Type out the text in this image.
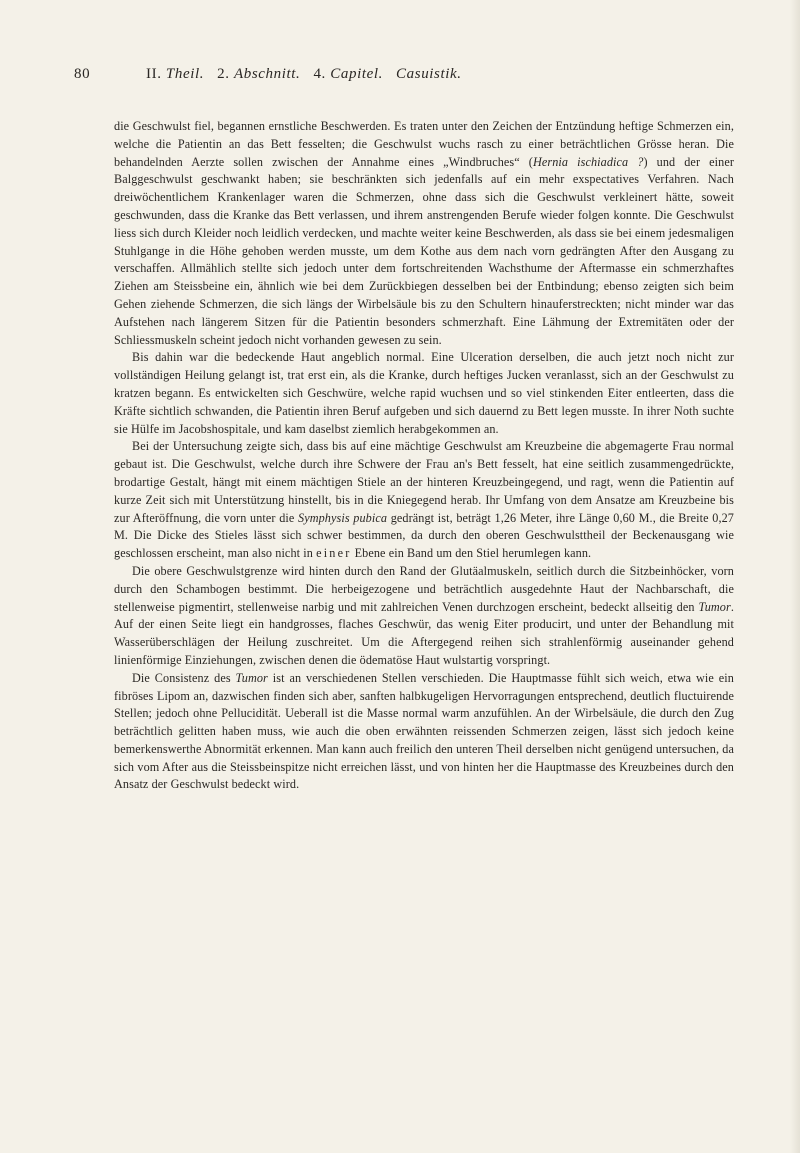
80	II. Theil. 2. Abschnitt. 4. Capitel. Casuistik.

die Geschwulst fiel, begannen ernstliche Beschwerden. Es traten unter den Zeichen der Entzündung heftige Schmerzen ein, welche die Patientin an das Bett fesselten; die Geschwulst wuchs rasch zu einer beträchtlichen Grösse heran. Die behandelnden Aerzte sollen zwischen der Annahme eines „Windbruches“ (Hernia ischiadica ?) und der einer Balggeschwulst geschwankt haben; sie beschränkten sich jedenfalls auf ein mehr exspectatives Verfahren. Nach dreiwöchentlichem Krankenlager waren die Schmerzen, ohne dass sich die Geschwulst verkleinert hätte, soweit geschwunden, dass die Kranke das Bett verlassen, und ihrem anstrengenden Berufe wieder folgen konnte. Die Geschwulst liess sich durch Kleider noch leidlich verdecken, und machte weiter keine Beschwerden, als dass sie bei einem jedesmaligen Stuhlgange in die Höhe gehoben werden musste, um dem Kothe aus dem nach vorn gedrängten After den Ausgang zu verschaffen. Allmählich stellte sich jedoch unter dem fortschreitenden Wachsthume der Aftermasse ein schmerzhaftes Ziehen am Steissbeine ein, ähnlich wie bei dem Zurückbiegen desselben bei der Entbindung; ebenso zeigten sich beim Gehen ziehende Schmerzen, die sich längs der Wirbelsäule bis zu den Schultern hinauferstreckten; nicht minder war das Aufstehen nach längerem Sitzen für die Patientin besonders schmerzhaft. Eine Lähmung der Extremitäten oder der Schliessmuskeln scheint jedoch nicht vorhanden gewesen zu sein.

Bis dahin war die bedeckende Haut angeblich normal. Eine Ulceration derselben, die auch jetzt noch nicht zur vollständigen Heilung gelangt ist, trat erst ein, als die Kranke, durch heftiges Jucken veranlasst, sich an der Geschwulst zu kratzen begann. Es entwickelten sich Geschwüre, welche rapid wuchsen und so viel stinkenden Eiter entleerten, dass die Kräfte sichtlich schwanden, die Patientin ihren Beruf aufgeben und sich dauernd zu Bett legen musste. In ihrer Noth suchte sie Hülfe im Jacobshospitale, und kam daselbst ziemlich herabgekommen an.

Bei der Untersuchung zeigte sich, dass bis auf eine mächtige Geschwulst am Kreuzbeine die abgemagerte Frau normal gebaut ist. Die Geschwulst, welche durch ihre Schwere der Frau an's Bett fesselt, hat eine seitlich zusammengedrückte, brodartige Gestalt, hängt mit einem mächtigen Stiele an der hinteren Kreuzbeingegend, und ragt, wenn die Patientin auf kurze Zeit sich mit Unterstützung hinstellt, bis in die Kniegegend herab. Ihr Umfang von dem Ansatze am Kreuzbeine bis zur Afteröffnung, die vorn unter die Symphysis pubica gedrängt ist, beträgt 1,26 Meter, ihre Länge 0,60 M., die Breite 0,27 M. Die Dicke des Stieles lässt sich schwer bestimmen, da durch den oberen Geschwulsttheil der Beckenausgang wie geschlossen erscheint, man also nicht in einer Ebene ein Band um den Stiel herumlegen kann.

Die obere Geschwulstgrenze wird hinten durch den Rand der Glutäalmuskeln, seitlich durch die Sitzbeinhöcker, vorn durch den Schambogen bestimmt. Die herbeigezogene und beträchtlich ausgedehnte Haut der Nachbarschaft, die stellenweise pigmentirt, stellenweise narbig und mit zahlreichen Venen durchzogen erscheint, bedeckt allseitig den Tumor. Auf der einen Seite liegt ein handgrosses, flaches Geschwür, das wenig Eiter producirt, und unter der Behandlung mit Wasserüberschlägen der Heilung zuschreitet. Um die Aftergegend reihen sich strahlenförmig auseinander gehend linienförmige Einziehungen, zwischen denen die ödematöse Haut wulstartig vorspringt.

Die Consistenz des Tumor ist an verschiedenen Stellen verschieden. Die Hauptmasse fühlt sich weich, etwa wie ein fibröses Lipom an, dazwischen finden sich aber, sanften halbkugeligen Hervorragungen entsprechend, deutlich fluctuirende Stellen; jedoch ohne Pellucidität. Ueberall ist die Masse normal warm anzufühlen. An der Wirbelsäule, die durch den Zug beträchtlich gelitten haben muss, wie auch die oben erwähnten reissenden Schmerzen zeigen, lässt sich jedoch keine bemerkenswerthe Abnormität erkennen. Man kann auch freilich den unteren Theil derselben nicht genügend untersuchen, da sich vom After aus die Steissbeinspitze nicht erreichen lässt, und von hinten her die Hauptmasse des Kreuzbeines durch den Ansatz der Geschwulst bedeckt wird.
